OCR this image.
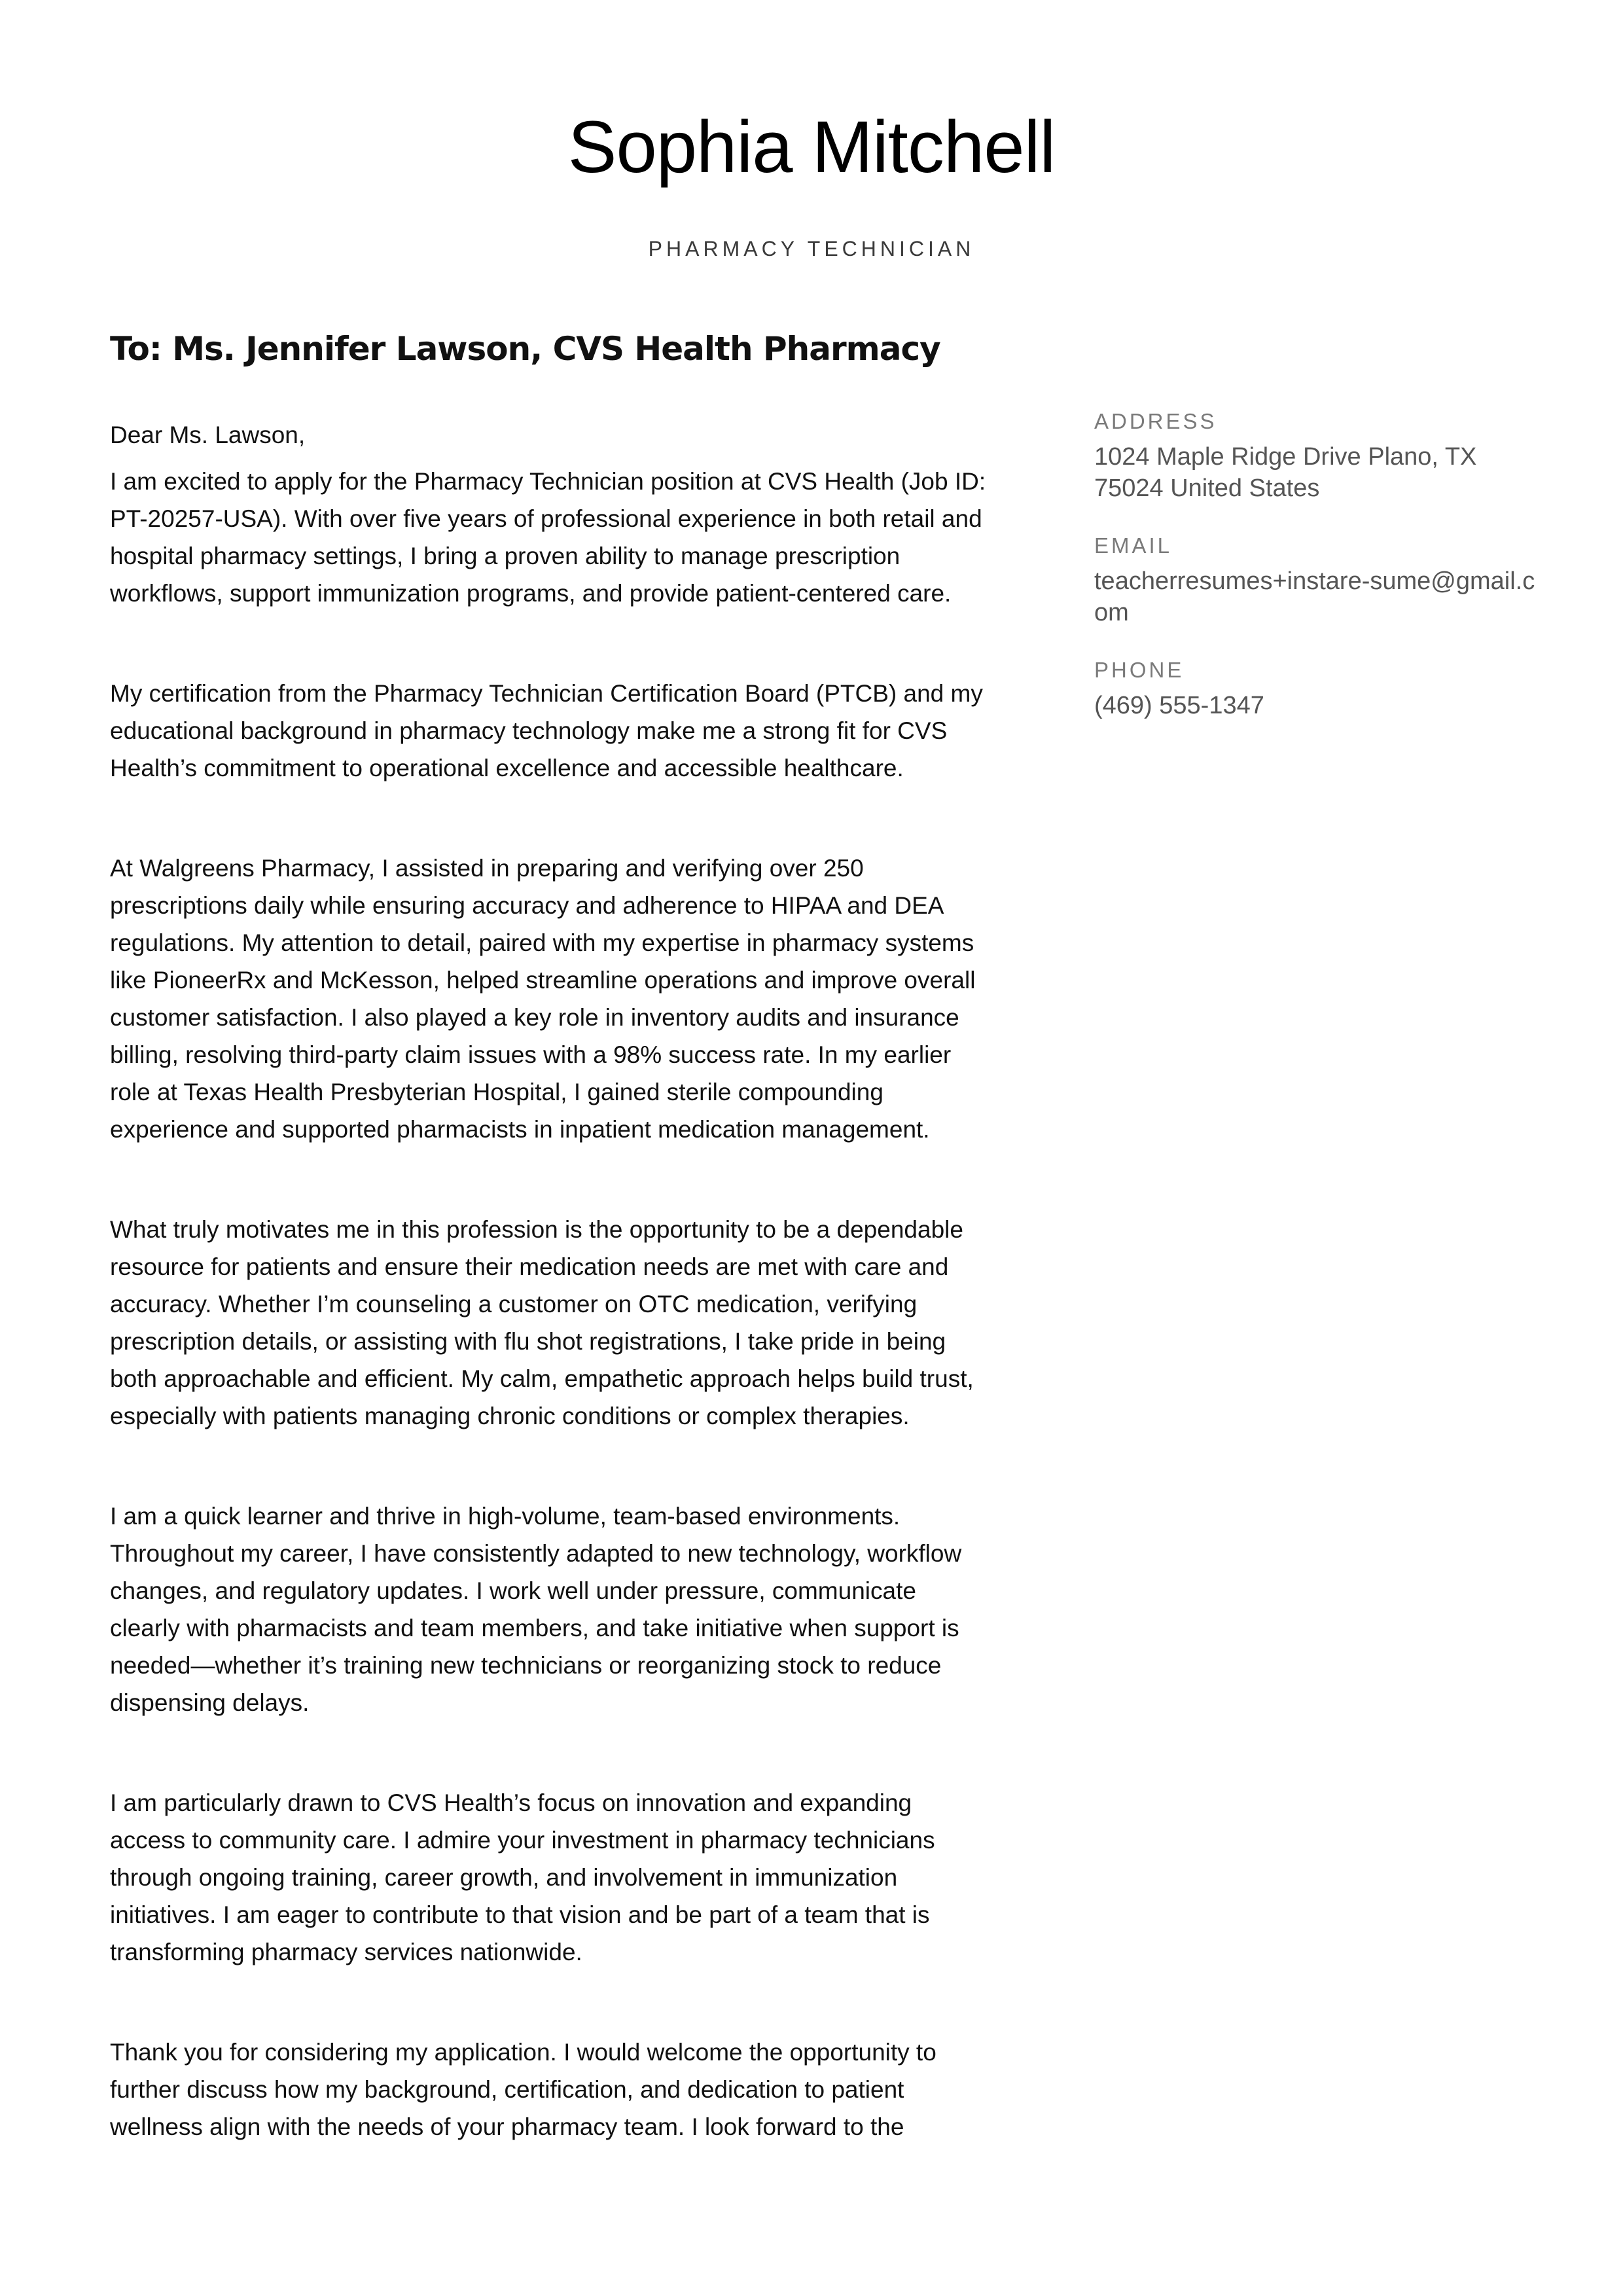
Sophia Mitchell
PHARMACY TECHNICIAN
To: Ms. Jennifer Lawson, CVS Health Pharmacy

Dear Ms. Lawson,

I am excited to apply for the Pharmacy Technician position at CVS Health (Job ID: PT-20257-USA). With over five years of professional experience in both retail and hospital pharmacy settings, I bring a proven ability to manage prescription workflows, support immunization programs, and provide patient-centered care.

My certification from the Pharmacy Technician Certification Board (PTCB) and my educational background in pharmacy technology make me a strong fit for CVS Health’s commitment to operational excellence and accessible healthcare.

At Walgreens Pharmacy, I assisted in preparing and verifying over 250 prescriptions daily while ensuring accuracy and adherence to HIPAA and DEA regulations. My attention to detail, paired with my expertise in pharmacy systems like PioneerRx and McKesson, helped streamline operations and improve overall customer satisfaction. I also played a key role in inventory audits and insurance billing, resolving third-party claim issues with a 98% success rate. In my earlier role at Texas Health Presbyterian Hospital, I gained sterile compounding experience and supported pharmacists in inpatient medication management.

What truly motivates me in this profession is the opportunity to be a dependable resource for patients and ensure their medication needs are met with care and accuracy. Whether I’m counseling a customer on OTC medication, verifying prescription details, or assisting with flu shot registrations, I take pride in being both approachable and efficient. My calm, empathetic approach helps build trust, especially with patients managing chronic conditions or complex therapies.

I am a quick learner and thrive in high-volume, team-based environments. Throughout my career, I have consistently adapted to new technology, workflow changes, and regulatory updates. I work well under pressure, communicate clearly with pharmacists and team members, and take initiative when support is needed—whether it’s training new technicians or reorganizing stock to reduce dispensing delays.

I am particularly drawn to CVS Health’s focus on innovation and expanding access to community care. I admire your investment in pharmacy technicians through ongoing training, career growth, and involvement in immunization initiatives. I am eager to contribute to that vision and be part of a team that is transforming pharmacy services nationwide.

Thank you for considering my application. I would welcome the opportunity to further discuss how my background, certification, and dedication to patient wellness align with the needs of your pharmacy team. I look forward to the

ADDRESS
1024 Maple Ridge Drive Plano, TX 75024 United States
EMAIL
teacherresumes+instare-sume@gmail.com
PHONE
(469) 555-1347
